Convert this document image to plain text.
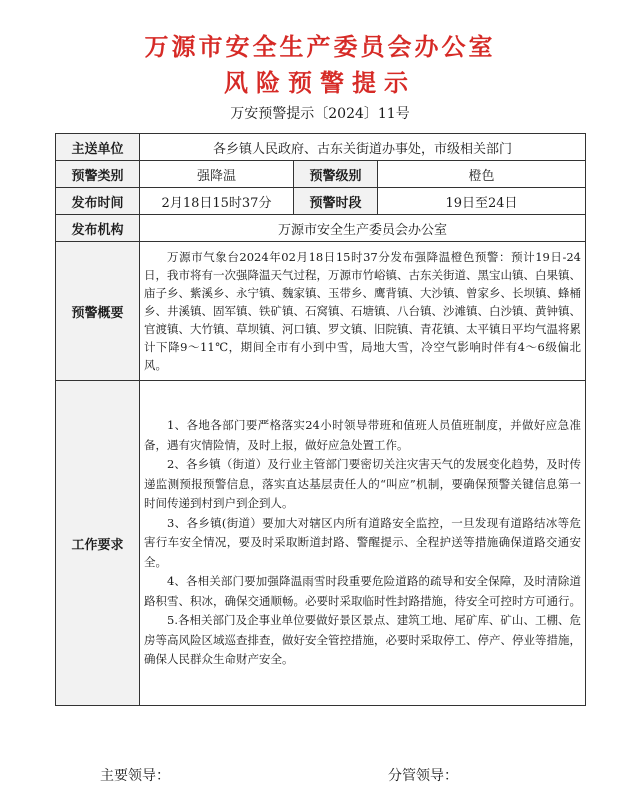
万源市安全生产委员会办公室
风险预警提示
万安预警提示〔2024〕11号
主送单位	各乡镇人民政府、古东关街道办事处，市级相关部门		
预警类别	强降温	预警级别	橙色
发布时间	2月18日15时37分	预警时段	19日至24日
发布机构	万源市安全生产委员会办公室		
预警概要	万源市气象台2024年02月18日15时37分发布强降温橙色预警：预计19日-24日，我市将有一次强降温天气过程，万源市竹峪镇、古东关街道、黑宝山镇、白果镇、庙子乡、紫溪乡、永宁镇、魏家镇、玉带乡、鹰背镇、大沙镇、曾家乡、长坝镇、蜂桶乡、井溪镇、固军镇、铁矿镇、石窝镇、石塘镇、八台镇、沙滩镇、白沙镇、黄钟镇、官渡镇、大竹镇、草坝镇、河口镇、罗文镇、旧院镇、青花镇、太平镇日平均气温将累计下降9～11℃，期间全市有小到中雪，局地大雪，冷空气影响时伴有4～6级偏北风。		
工作要求	1、各地各部门要严格落实24小时领导带班和值班人员值班制度，并做好应急准备，遇有灾情险情，及时上报，做好应急处置工作。

2、各乡镇（街道）及行业主管部门要密切关注灾害天气的发展变化趋势，及时传递监测预报预警信息，落实直达基层责任人的“叫应”机制，要确保预警关键信息第一时间传递到村到户到企到人。

3、各乡镇(街道）要加大对辖区内所有道路安全监控，一旦发现有道路结冰等危害行车安全情况，要及时采取断道封路、警醒提示、全程护送等措施确保道路交通安全。

4、各相关部门要加强降温雨雪时段重要危险道路的疏导和安全保障，及时清除道路积雪、积冰，确保交通顺畅。必要时采取临时性封路措施，待安全可控时方可通行。

5.各相关部门及企事业单位要做好景区景点、建筑工地、尾矿库、矿山、工棚、危房等高风险区域巡查排查，做好安全管控措施，必要时采取停工、停产、停业等措施，确保人民群众生命财产安全。		

主要领导：	分管领导：
